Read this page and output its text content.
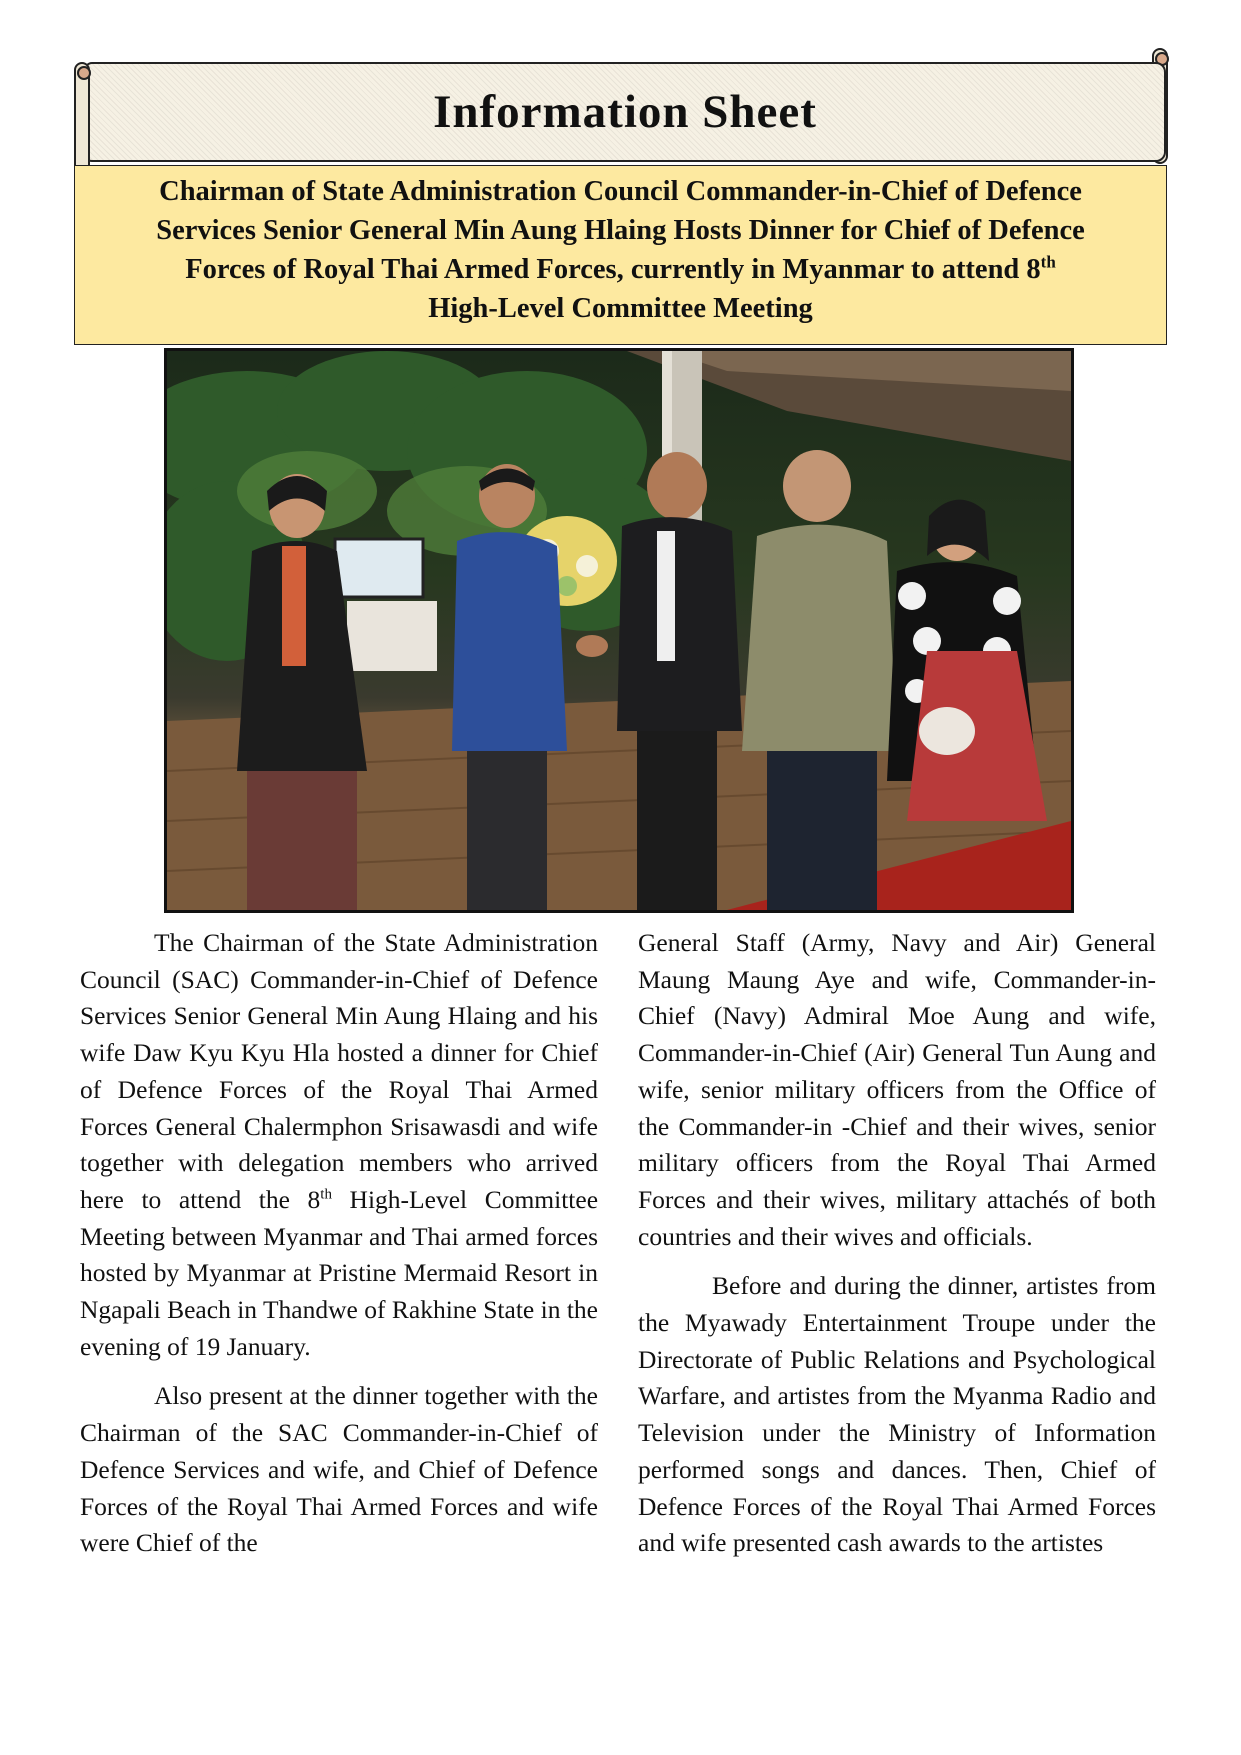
Information Sheet

Chairman of State Administration Council Commander-in-Chief of Defence
Services Senior General Min Aung Hlaing Hosts Dinner for Chief of Defence
Forces of Royal Thai Armed Forces, currently in Myanmar to attend 8th
High-Level Committee Meeting

The Chairman of the State Administration Council (SAC) Commander-in-Chief of Defence Services Senior General Min Aung Hlaing and his wife Daw Kyu Kyu Hla hosted a dinner for Chief of Defence Forces of the Royal Thai Armed Forces General Chalermphon Srisawasdi and wife together with delegation members who arrived here to attend the 8th High-Level Committee Meeting between Myanmar and Thai armed forces hosted by Myanmar at Pristine Mermaid Resort in Ngapali Beach in Thandwe of Rakhine State in the evening of 19 January.

Also present at the dinner together with the Chairman of the SAC Commander-in-Chief of Defence Services and wife, and Chief of Defence Forces of the Royal Thai Armed Forces and wife were Chief of the

General Staff (Army, Navy and Air) General Maung Maung Aye and wife, Commander-in-Chief (Navy) Admiral Moe Aung and wife, Commander-in-Chief (Air) General Tun Aung and wife, senior military officers from the Office of the Commander-in -Chief and their wives, senior military officers from the Royal Thai Armed Forces and their wives, military attachés of both countries and their wives and officials.

Before and during the dinner, artistes from the Myawady Entertainment Troupe under the Directorate of Public Relations and Psychological Warfare, and artistes from the Myanma Radio and Television under the Ministry of Information performed songs and dances. Then, Chief of Defence Forces of the Royal Thai Armed Forces and wife presented cash awards to the artistes
